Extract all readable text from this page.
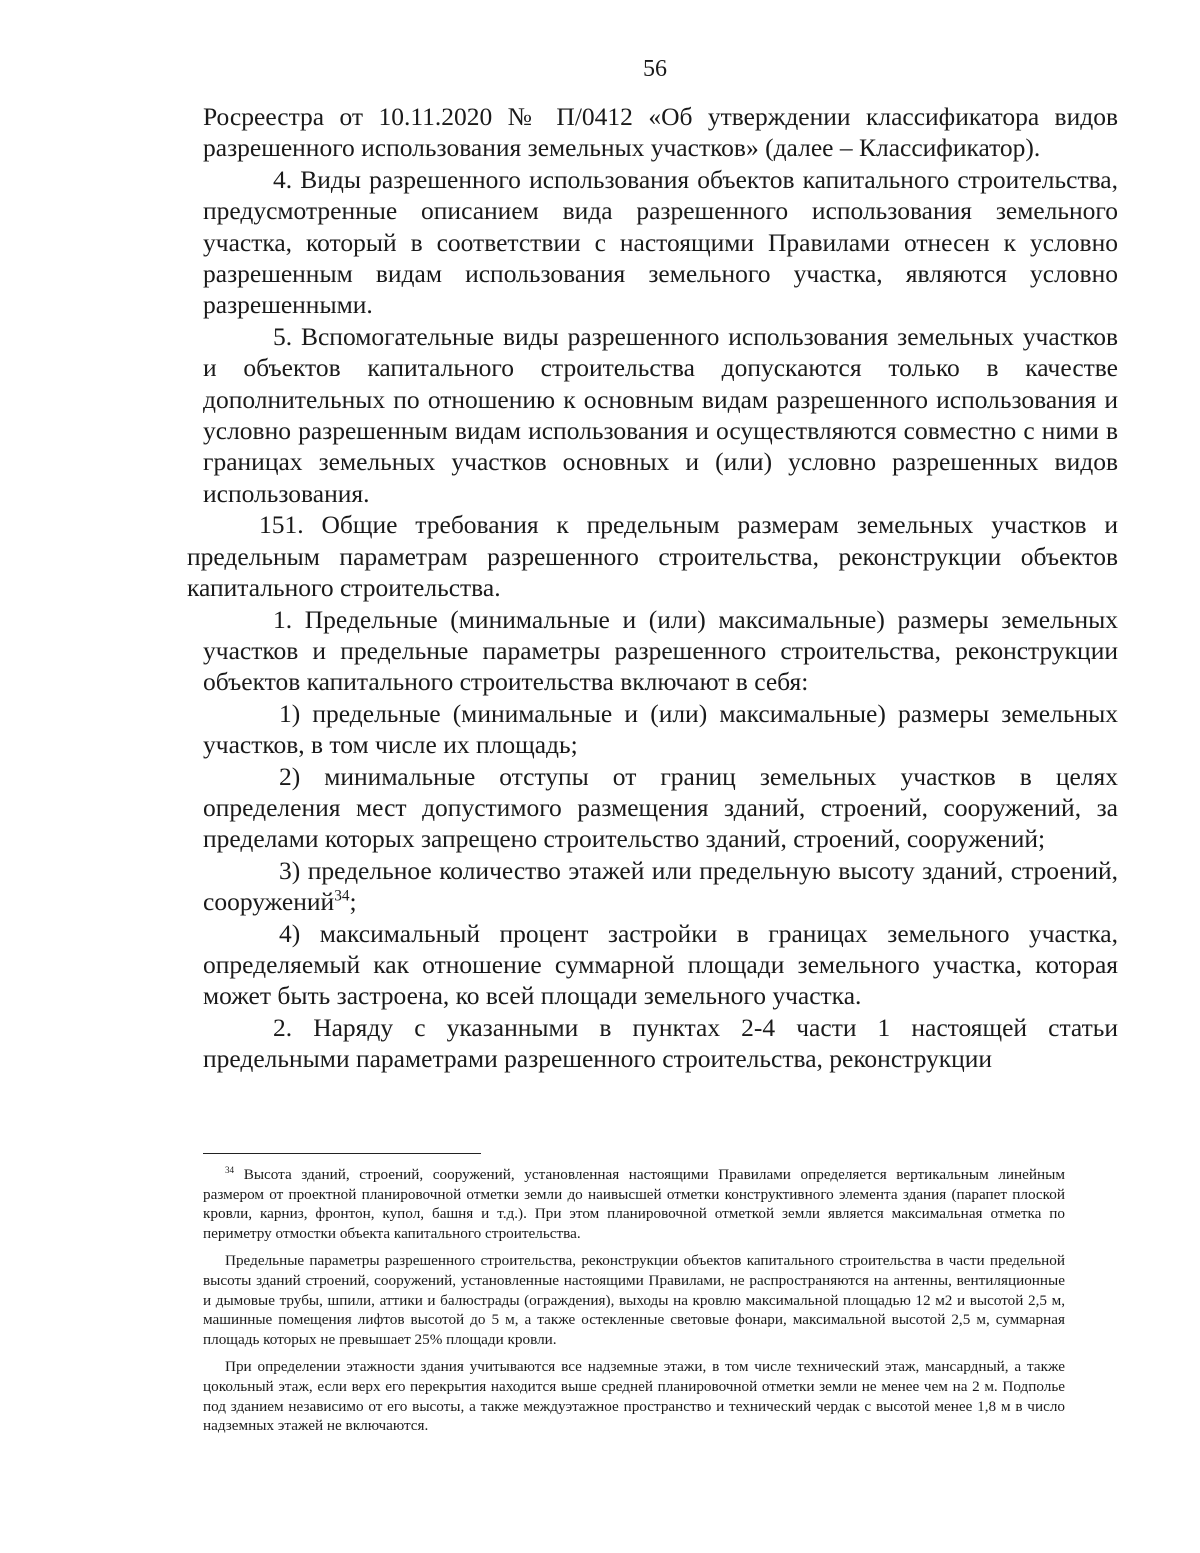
56

Росреестра от 10.11.2020 № П/0412 «Об утверждении классификатора видов разрешенного использования земельных участков» (далее – Классификатор).

4. Виды разрешенного использования объектов капитального строительства, предусмотренные описанием вида разрешенного использования земельного участка, который в соответствии с настоящими Правилами отнесен к условно разрешенным видам использования земельного участка, являются условно разрешенными.

5. Вспомогательные виды разрешенного использования земельных участков и объектов капитального строительства допускаются только в качестве дополнительных по отношению к основным видам разрешенного использования и условно разрешенным видам использования и осуществляются совместно с ними в границах земельных участков основных и (или) условно разрешенных видов использования.

151. Общие требования к предельным размерам земельных участков и предельным параметрам разрешенного строительства, реконструкции объектов капитального строительства.

1. Предельные (минимальные и (или) максимальные) размеры земельных участков и предельные параметры разрешенного строительства, реконструкции объектов капитального строительства включают в себя:

1) предельные (минимальные и (или) максимальные) размеры земельных участков, в том числе их площадь;

2) минимальные отступы от границ земельных участков в целях определения мест допустимого размещения зданий, строений, сооружений, за пределами которых запрещено строительство зданий, строений, сооружений;

3) предельное количество этажей или предельную высоту зданий, строений, сооружений$^{34}$;

4) максимальный процент застройки в границах земельного участка, определяемый как отношение суммарной площади земельного участка, которая может быть застроена, ко всей площади земельного участка.

2. Наряду с указанными в пунктах 2-4 части 1 настоящей статьи предельными параметрами разрешенного строительства, реконструкции

$^{34}$ Высота зданий, строений, сооружений, установленная настоящими Правилами определяется вертикальным линейным размером от проектной планировочной отметки земли до наивысшей отметки конструктивного элемента здания (парапет плоской кровли, карниз, фронтон, купол, башня и т.д.). При этом планировочной отметкой земли является максимальная отметка по периметру отмостки объекта капитального строительства.

Предельные параметры разрешенного строительства, реконструкции объектов капитального строительства в части предельной высоты зданий строений, сооружений, установленные настоящими Правилами, не распространяются на антенны, вентиляционные и дымовые трубы, шпили, аттики и балюстрады (ограждения), выходы на кровлю максимальной площадью 12 м2 и высотой 2,5 м, машинные помещения лифтов высотой до 5 м, а также остекленные световые фонари, максимальной высотой 2,5 м, суммарная площадь которых не превышает 25% площади кровли.

При определении этажности здания учитываются все надземные этажи, в том числе технический этаж, мансардный, а также цокольный этаж, если верх его перекрытия находится выше средней планировочной отметки земли не менее чем на 2 м. Подполье под зданием независимо от его высоты, а также междуэтажное пространство и технический чердак с высотой менее 1,8 м в число надземных этажей не включаются.
